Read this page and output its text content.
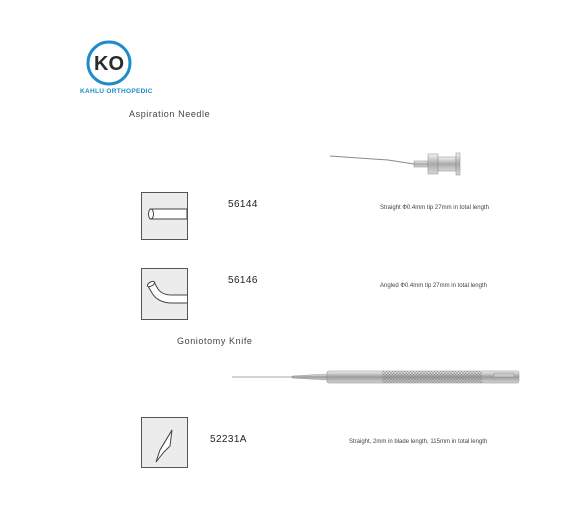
KO
KAHLU ORTHOPEDIC
Aspiration Needle
56144	Straight Ф0.4mm tip 27mm in total length
56146	Angled Ф0.4mm tip 27mm in total length
Goniotomy Knife
52231A	Straight, 2mm in blade length, 115mm in total length
